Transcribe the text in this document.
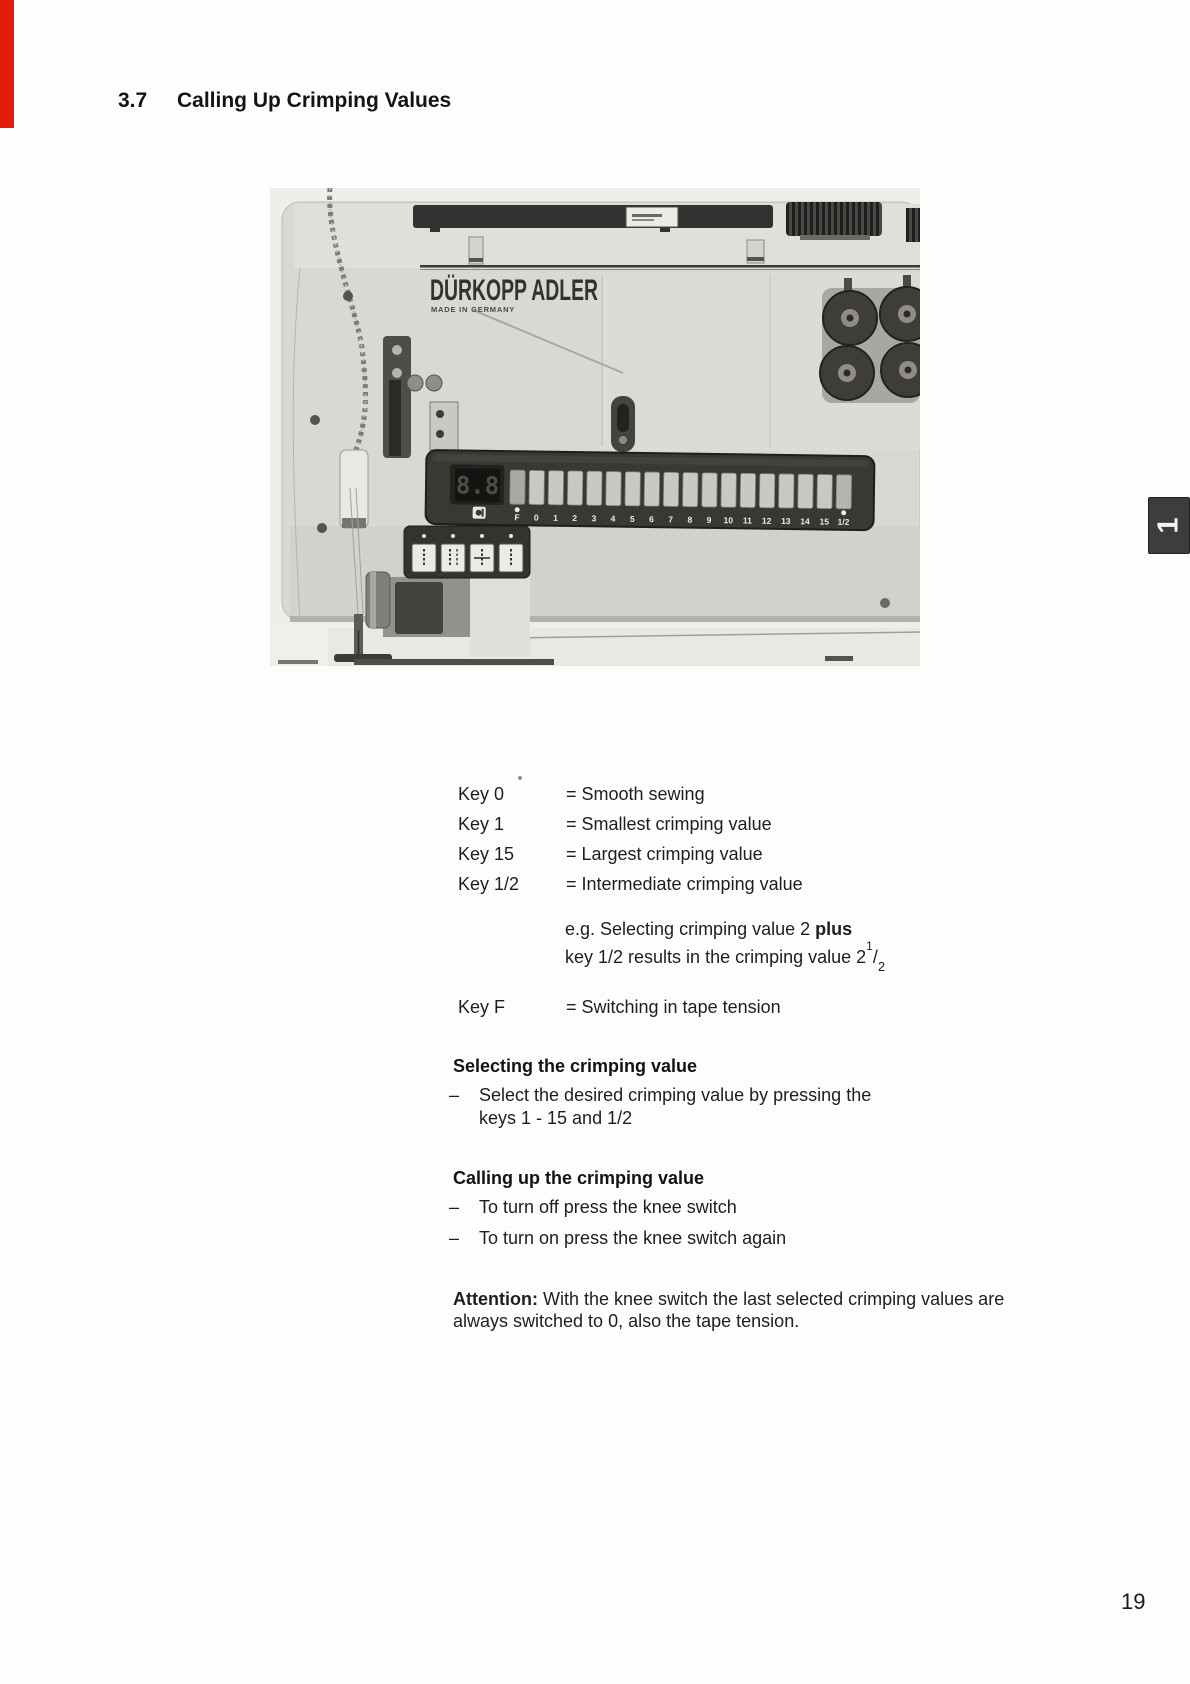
3.7 Calling Up Crimping Values
DÜRKOPP ADLER
MADE IN GERMANY
8.8
F 0 1 2 3 4 5 6 7 8 9 10 11 12 13 14 15 1/2
Key 0	= Smooth sewing
Key 1	= Smallest crimping value
Key 15	= Largest crimping value
Key 1/2	= Intermediate crimping value
e.g. Selecting crimping value 2 plus
key 1/2 results in the crimping value $2^1/_2$
Key F	= Switching in tape tension
Selecting the crimping value
– Select the desired crimping value by pressing the
keys 1 - 15 and 1/2
Calling up the crimping value
– To turn off press the knee switch
– To turn on press the knee switch again
Attention: With the knee switch the last selected crimping values are
always switched to 0, also the tape tension.
1
19
